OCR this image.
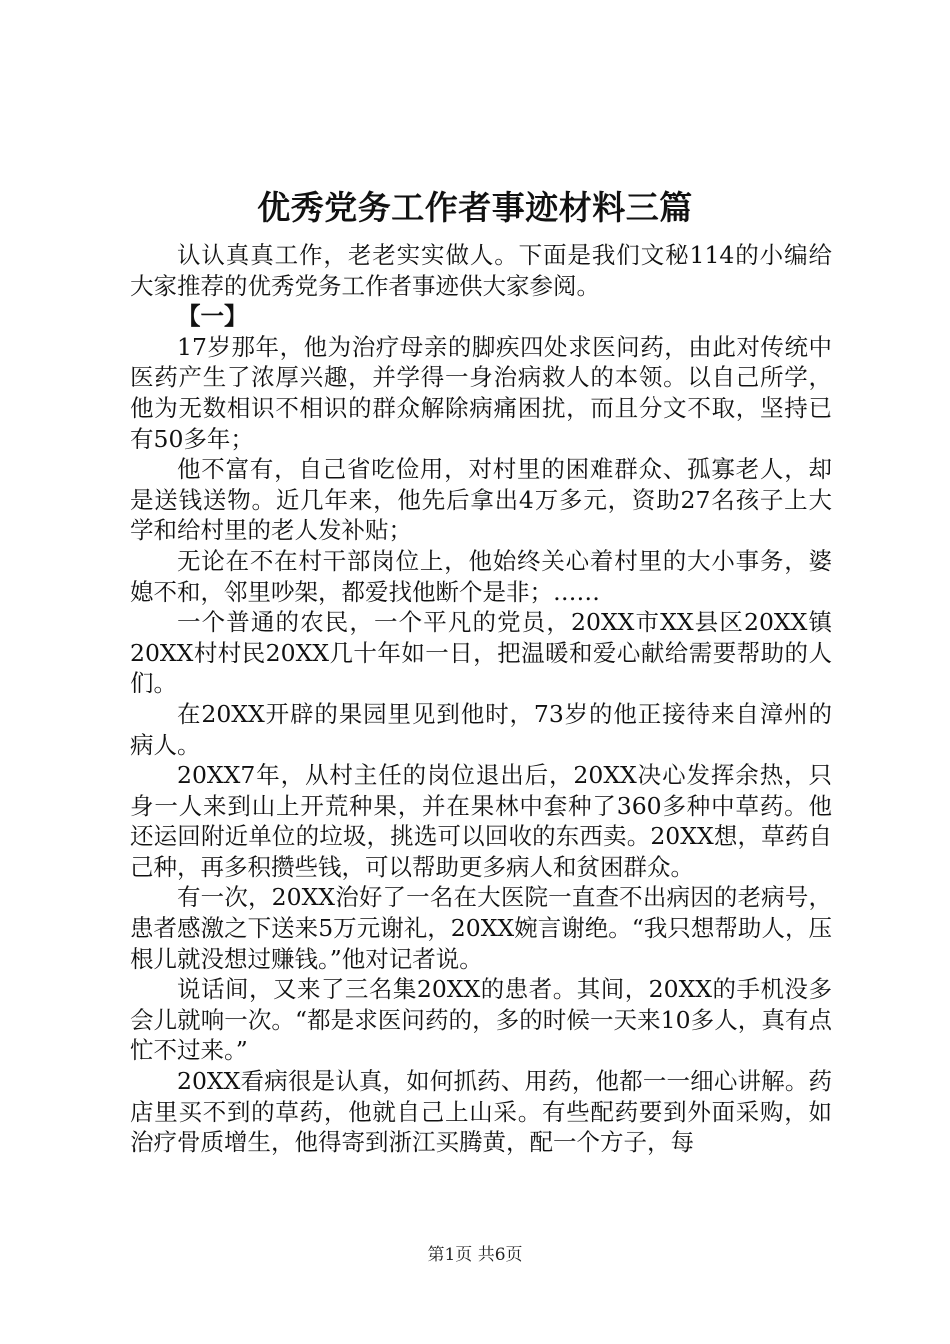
优秀党务工作者事迹材料三篇

认认真真工作，老老实实做人。下面是我们文秘114的小编给大家推荐的优秀党务工作者事迹供大家参阅。

【一】

17岁那年，他为治疗母亲的脚疾四处求医问药，由此对传统中医药产生了浓厚兴趣，并学得一身治病救人的本领。以自己所学，他为无数相识不相识的群众解除病痛困扰，而且分文不取，坚持已有50多年；

他不富有，自己省吃俭用，对村里的困难群众、孤寡老人，却是送钱送物。近几年来，他先后拿出4万多元，资助27名孩子上大学和给村里的老人发补贴；

无论在不在村干部岗位上，他始终关心着村里的大小事务，婆媳不和，邻里吵架，都爱找他断个是非；……

一个普通的农民，一个平凡的党员，20XX市XX县区20XX镇20XX村村民20XX几十年如一日，把温暖和爱心献给需要帮助的人们。

在20XX开辟的果园里见到他时，73岁的他正接待来自漳州的病人。

20XX7年，从村主任的岗位退出后，20XX决心发挥余热，只身一人来到山上开荒种果，并在果林中套种了360多种中草药。他还运回附近单位的垃圾，挑选可以回收的东西卖。20XX想，草药自己种，再多积攒些钱，可以帮助更多病人和贫困群众。

有一次，20XX治好了一名在大医院一直查不出病因的老病号，患者感激之下送来5万元谢礼，20XX婉言谢绝。“我只想帮助人，压根儿就没想过赚钱。”他对记者说。

说话间，又来了三名集20XX的患者。其间，20XX的手机没多会儿就响一次。“都是求医问药的，多的时候一天来10多人，真有点忙不过来。”

20XX看病很是认真，如何抓药、用药，他都一一细心讲解。药店里买不到的草药，他就自己上山采。有些配药要到外面采购，如治疗骨质增生，他得寄到浙江买腾黄，配一个方子，每

第1页 共6页
